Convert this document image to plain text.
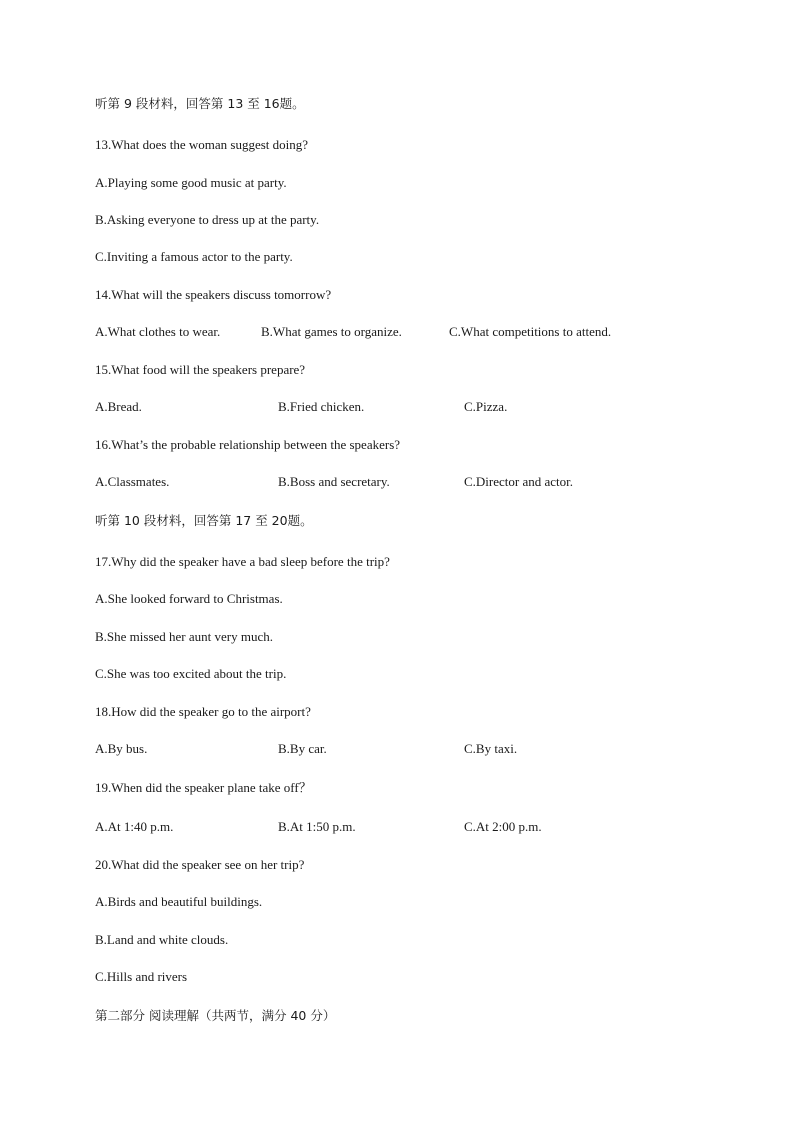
听第 9 段材料，回答第 13 至 16题。
13.What does the woman suggest doing?
A.Playing some good music at party.
B.Asking everyone to dress up at the party.
C.Inviting a famous actor to the party.
14.What will the speakers discuss tomorrow?
A.What clothes to wear.	B.What games to organize.	C.What competitions to attend.
15.What food will the speakers prepare?
A.Bread.	B.Fried chicken.	C.Pizza.
16.What’s the probable relationship between the speakers?
A.Classmates.	B.Boss and secretary.	C.Director and actor.
听第 10 段材料，回答第 17 至 20题。
17.Why did the speaker have a bad sleep before the trip?
A.She looked forward to Christmas.
B.She missed her aunt very much.
C.She was too excited about the trip.
18.How did the speaker go to the airport?
A.By bus.	B.By car.	C.By taxi.
19.When did the speaker plane take off？
A.At 1:40 p.m.	B.At 1:50 p.m.	C.At 2:00 p.m.
20.What did the speaker see on her trip?
A.Birds and beautiful buildings.
B.Land and white clouds.
C.Hills and rivers
第二部分 阅读理解（共两节，满分 40 分）
